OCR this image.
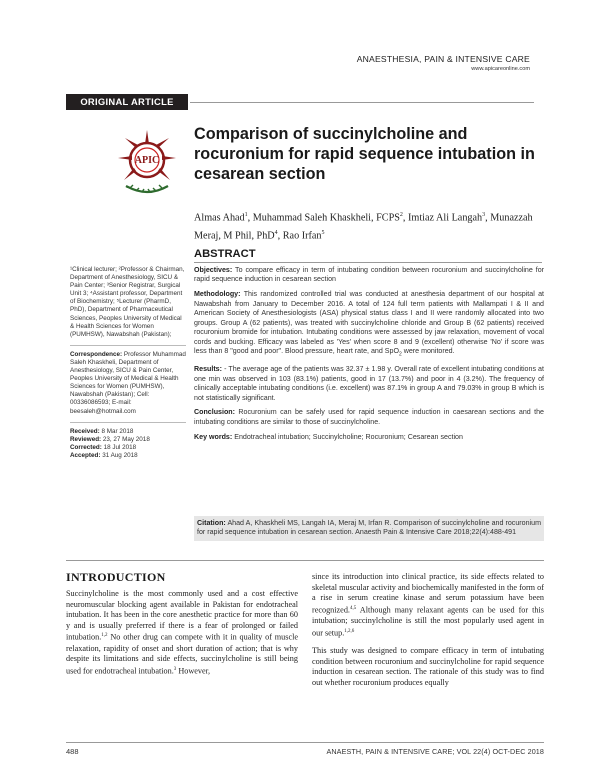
ANAESTHESIA, PAIN & INTENSIVE CARE
www.apicareonline.com
ORIGINAL ARTICLE
APIC
Comparison of succinylcholine and rocuronium for rapid sequence intubation in cesarean section
Almas Ahad$^1$, Muhammad Saleh Khaskheli, FCPS$^2$, Imtiaz Ali Langah$^3$, Munazzah Meraj, M Phil, PhD$^4$, Rao Irfan$^5$
ABSTRACT
¹Clinical lecturer; ²Professor & Chairman, Department of Anesthesiology, SICU & Pain Center; ³Senior Registrar, Surgical Unit 3; ⁴Assistant professor, Department of Biochemistry; ⁵Lecturer (PharmD, PhD), Department of Pharmaceutical Sciences, Peoples University of Medical & Health Sciences for Women (PUMHSW), Nawabshah (Pakistan);
Correspondence: Professor Muhammad Saleh Khaskheli, Department of Anesthesiology, SICU & Pain Center, Peoples University of Medical & Health Sciences for Women (PUMHSW), Nawabshah (Pakistan); Cell: 00336086593; E-mail: beesaleh@hotmail.com
Received: 8 Mar 2018
Reviewed: 23, 27 May 2018
Corrected: 18 Jul 2018
Accepted: 31 Aug 2018

Objectives: To compare efficacy in term of intubating condition between rocuronium and succinylcholine for rapid sequence induction in cesarean section

Methodology: This randomized controlled trial was conducted at anesthesia department of our hospital at Nawabshah from January to December 2016. A total of 124 full term patients with Mallampati I & II and American Society of Anesthesiologists (ASA) physical status class I and II were randomly allocated into two groups. Group A (62 patients), was treated with succinylcholine chloride and Group B (62 patients) received rocuronium bromide for intubation. Intubating conditions were assessed by jaw relaxation, movement of vocal cords and bucking. Efficacy was labeled as 'Yes' when score 8 and 9 (excellent) otherwise 'No' if score was less than 8 "good and poor". Blood pressure, heart rate, and SpO$_2$ were monitored.

Results: - The average age of the patients was 32.37 ± 1.98 y. Overall rate of excellent intubating conditions at one min was observed in 103 (83.1%) patients, good in 17 (13.7%) and poor in 4 (3.2%). The frequency of clinically acceptable intubating conditions (i.e. excellent) was 87.1% in group A and 79.03% in group B which is not statistically significant.

Conclusion: Rocuronium can be safely used for rapid sequence induction in caesarean sections and the intubating conditions are similar to those of succinylcholine.

Key words: Endotracheal intubation; Succinylcholine; Rocuronium; Cesarean section

Citation: Ahad A, Khaskheli MS, Langah IA, Meraj M, Irfan R. Comparison of succinylcholine and rocuronium for rapid sequence intubation in cesarean section. Anaesth Pain & Intensive Care 2018;22(4):488-491
INTRODUCTION
Succinylcholine is the most commonly used and a cost effective neuromuscular blocking agent available in Pakistan for endotracheal intubation. It has been in the core anesthetic practice for more than 60 y and is usually preferred if there is a fear of prolonged or failed intubation.$^{1,2}$ No other drug can compete with it in quality of muscle relaxation, rapidity of onset and short duration of action; that is why despite its limitations and side effects, succinylcholine is still being used for endotracheal intubation.$^3$ However,

since its introduction into clinical practice, its side effects related to skeletal muscular activity and biochemically manifested in the form of a rise in serum creatine kinase and serum potassium have been recognized.$^{4,5}$ Although many relaxant agents can be used for this intubation; succinylcholine is still the most popularly used agent in our setup.$^{1,2,6}$

This study was designed to compare efficacy in term of intubating condition between rocuronium and succinylcholine for rapid sequence induction in cesarean section. The rationale of this study was to find out whether rocuronium produces equally

488	ANAESTH, PAIN & INTENSIVE CARE; VOL 22(4) OCT-DEC 2018
